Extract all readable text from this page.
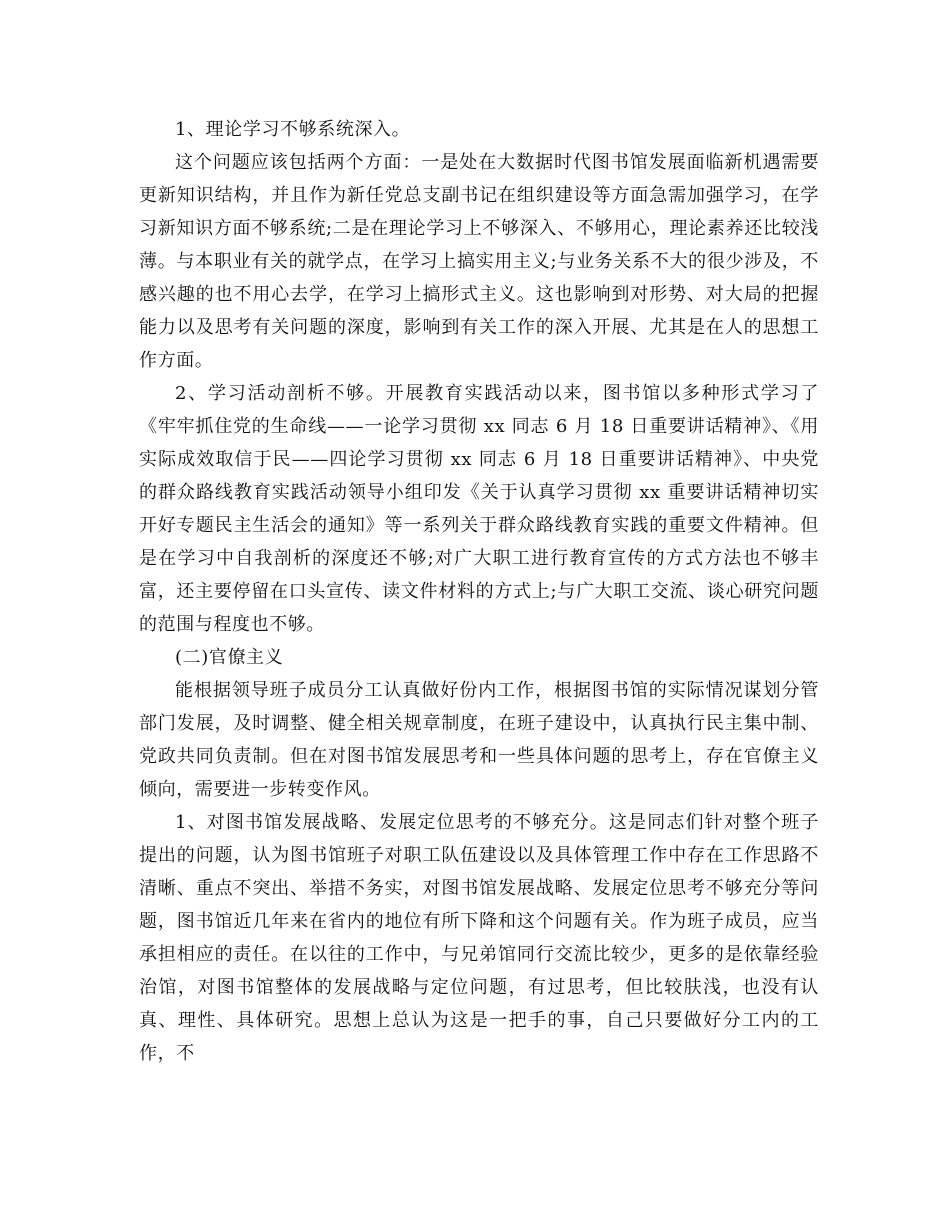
1、理论学习不够系统深入。

这个问题应该包括两个方面：一是处在大数据时代图书馆发展面临新机遇需要更新知识结构，并且作为新任党总支副书记在组织建设等方面急需加强学习，在学习新知识方面不够系统;二是在理论学习上不够深入、不够用心，理论素养还比较浅薄。与本职业有关的就学点，在学习上搞实用主义;与业务关系不大的很少涉及，不感兴趣的也不用心去学，在学习上搞形式主义。这也影响到对形势、对大局的把握能力以及思考有关问题的深度，影响到有关工作的深入开展、尤其是在人的思想工作方面。

2、学习活动剖析不够。开展教育实践活动以来，图书馆以多种形式学习了《牢牢抓住党的生命线——一论学习贯彻 xx 同志 6 月 18 日重要讲话精神》、《用实际成效取信于民——四论学习贯彻 xx 同志 6 月 18 日重要讲话精神》、中央党的群众路线教育实践活动领导小组印发《关于认真学习贯彻 xx 重要讲话精神切实开好专题民主生活会的通知》等一系列关于群众路线教育实践的重要文件精神。但是在学习中自我剖析的深度还不够;对广大职工进行教育宣传的方式方法也不够丰富，还主要停留在口头宣传、读文件材料的方式上;与广大职工交流、谈心研究问题的范围与程度也不够。

(二)官僚主义

能根据领导班子成员分工认真做好份内工作，根据图书馆的实际情况谋划分管部门发展，及时调整、健全相关规章制度，在班子建设中，认真执行民主集中制、党政共同负责制。但在对图书馆发展思考和一些具体问题的思考上，存在官僚主义倾向，需要进一步转变作风。

1、对图书馆发展战略、发展定位思考的不够充分。这是同志们针对整个班子提出的问题，认为图书馆班子对职工队伍建设以及具体管理工作中存在工作思路不清晰、重点不突出、举措不务实，对图书馆发展战略、发展定位思考不够充分等问题，图书馆近几年来在省内的地位有所下降和这个问题有关。作为班子成员，应当承担相应的责任。在以往的工作中，与兄弟馆同行交流比较少，更多的是依靠经验治馆，对图书馆整体的发展战略与定位问题，有过思考，但比较肤浅，也没有认真、理性、具体研究。思想上总认为这是一把手的事，自己只要做好分工内的工作，不
